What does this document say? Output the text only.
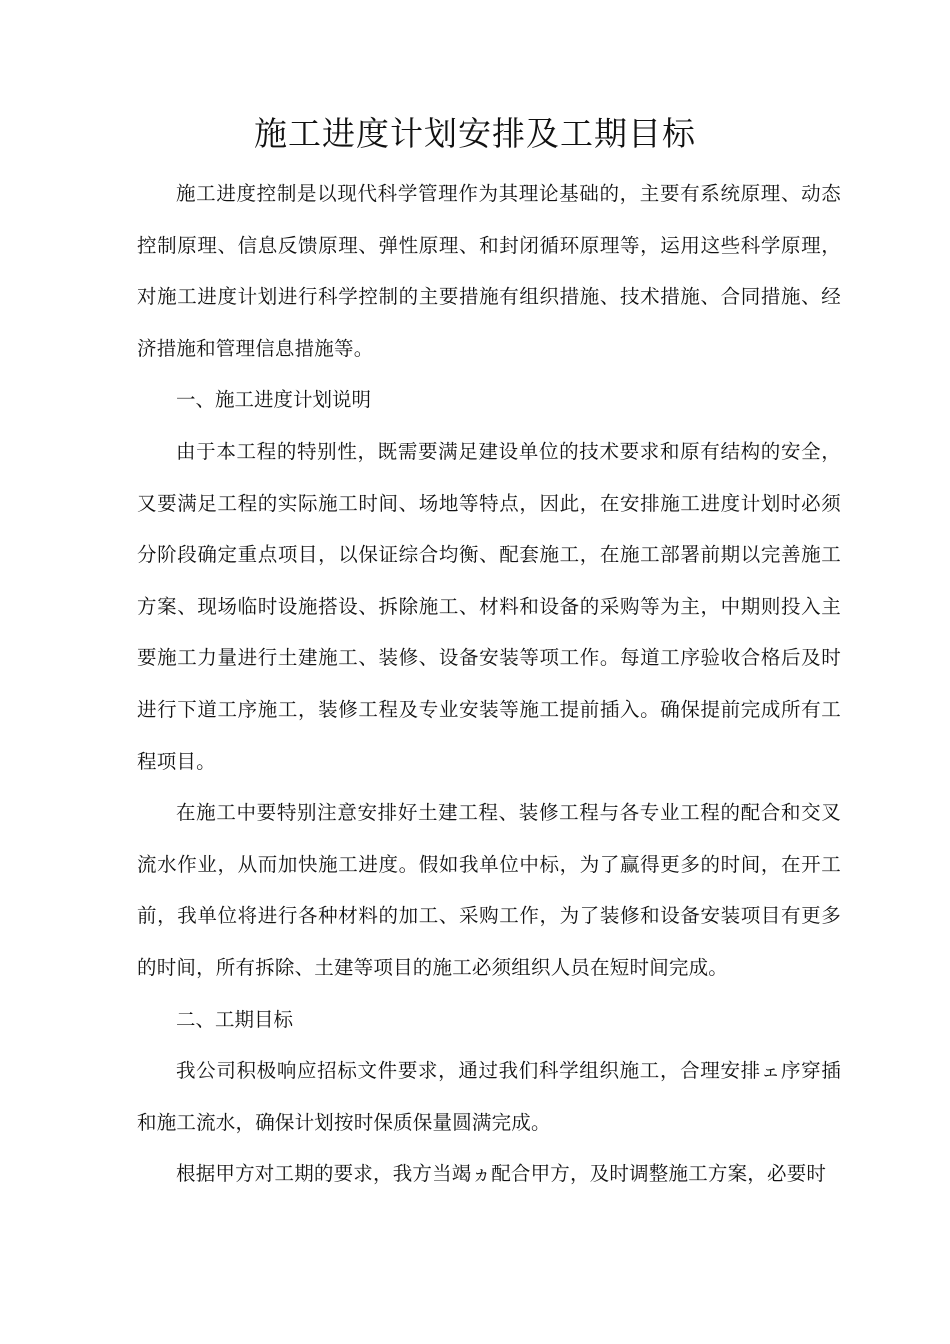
施工进度计划安排及工期目标

施工进度控制是以现代科学管理作为其理论基础的，主要有系统原理、动态控制原理、信息反馈原理、弹性原理、和封闭循环原理等，运用这些科学原理，对施工进度计划进行科学控制的主要措施有组织措施、技术措施、合同措施、经济措施和管理信息措施等。

一、施工进度计划说明

由于本工程的特别性，既需要满足建设单位的技术要求和原有结构的安全，又要满足工程的实际施工时间、场地等特点，因此，在安排施工进度计划时必须分阶段确定重点项目，以保证综合均衡、配套施工，在施工部署前期以完善施工方案、现场临时设施搭设、拆除施工、材料和设备的采购等为主，中期则投入主要施工力量进行土建施工、装修、设备安装等项工作。每道工序验收合格后及时进行下道工序施工，装修工程及专业安装等施工提前插入。确保提前完成所有工程项目。

在施工中要特别注意安排好土建工程、装修工程与各专业工程的配合和交叉流水作业，从而加快施工进度。假如我单位中标，为了赢得更多的时间，在开工前，我单位将进行各种材料的加工、采购工作，为了装修和设备安装项目有更多的时间，所有拆除、土建等项目的施工必须组织人员在短时间完成。

二、工期目标

我公司积极响应招标文件要求，通过我们科学组织施工，合理安排ェ序穿插和施工流水，确保计划按时保质保量圆满完成。

根据甲方对工期的要求，我方当竭ヵ配合甲方，及时调整施工方案，必要时
